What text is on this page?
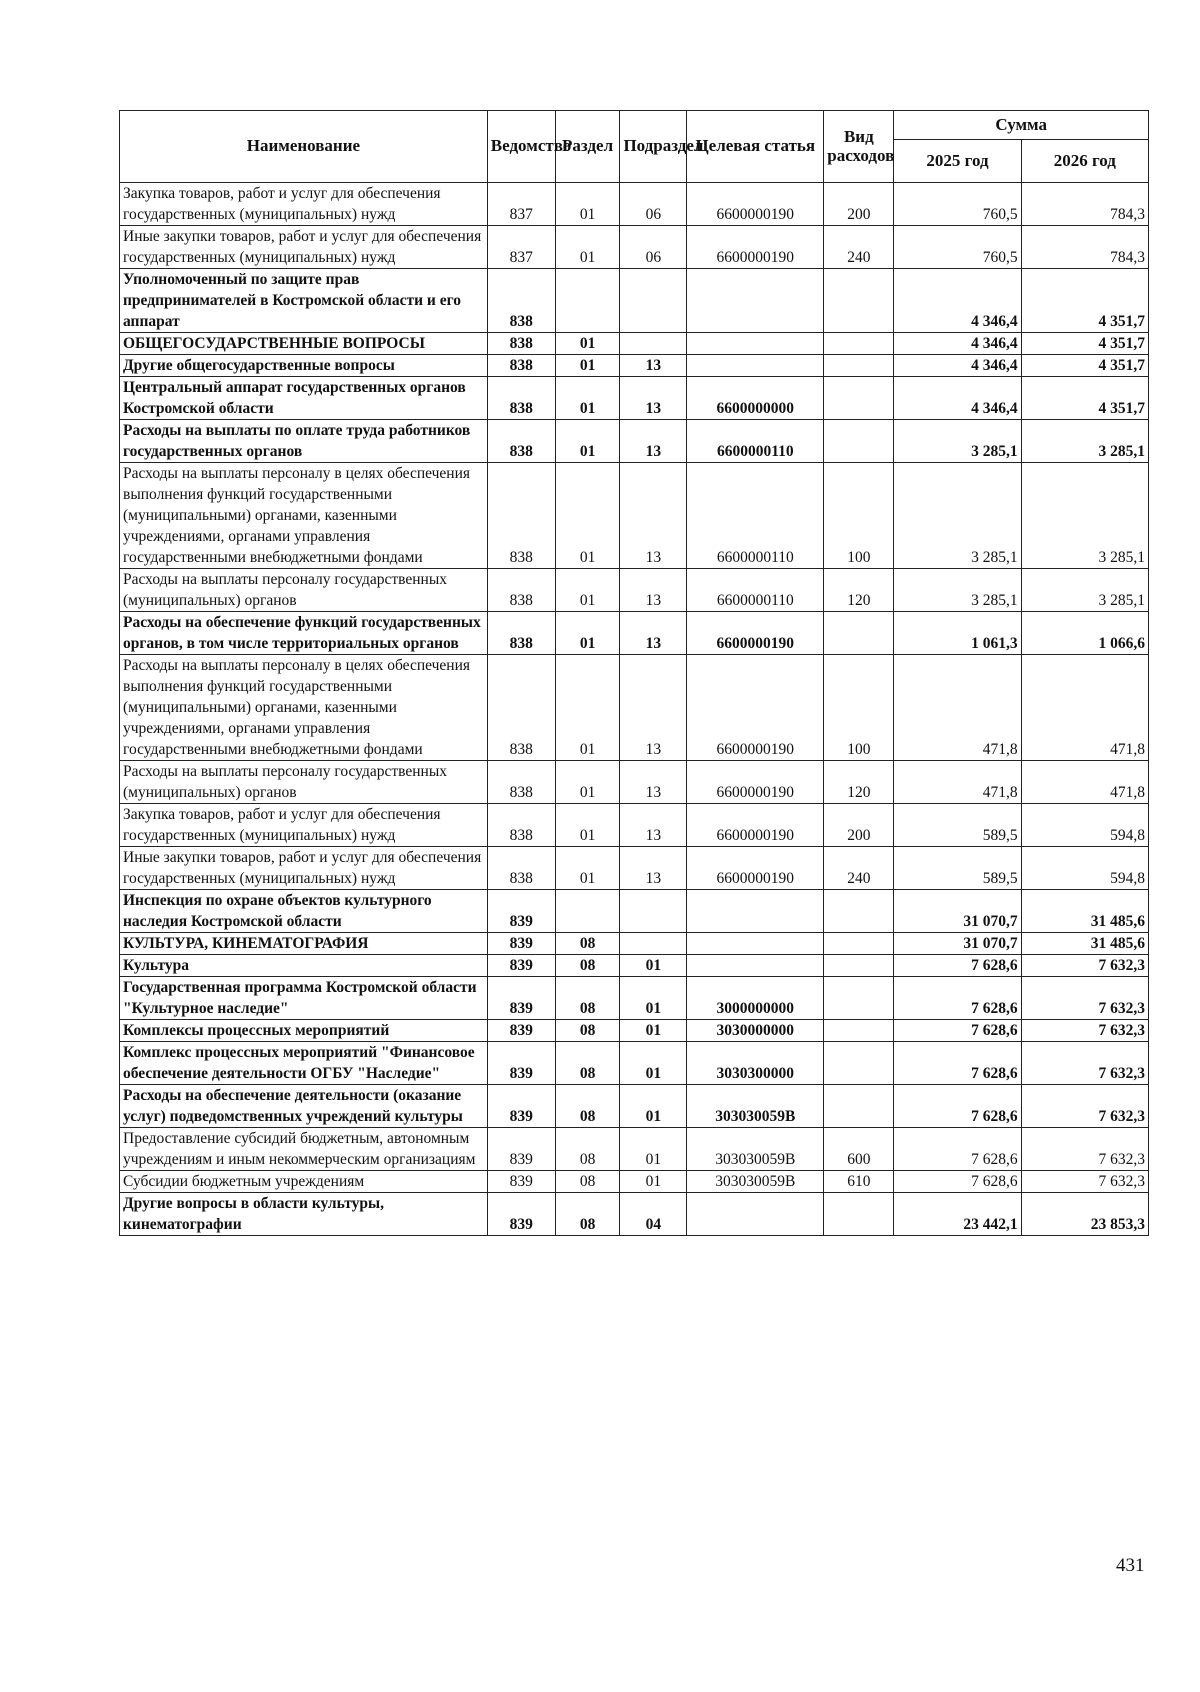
Наименование	Ведомство	Раздел	Подраздел	Целевая статья	Вид расходов	Сумма	
						2025 год	2026 год
Закупка товаров, работ и услуг для обеспечения государственных (муниципальных) нужд	837	01	06	6600000190	200	760,5	784,3
Иные закупки товаров, работ и услуг для обеспечения государственных (муниципальных) нужд	837	01	06	6600000190	240	760,5	784,3
Уполномоченный по защите прав предпринимателей в Костромской области и его аппарат	838					4 346,4	4 351,7
ОБЩЕГОСУДАРСТВЕННЫЕ ВОПРОСЫ	838	01				4 346,4	4 351,7
Другие общегосударственные вопросы	838	01	13			4 346,4	4 351,7
Центральный аппарат государственных органов Костромской области	838	01	13	6600000000		4 346,4	4 351,7
Расходы на выплаты по оплате труда работников государственных органов	838	01	13	6600000110		3 285,1	3 285,1
Расходы на выплаты персоналу в целях обеспечения выполнения функций государственными (муниципальными) органами, казенными учреждениями, органами управления государственными внебюджетными фондами	838	01	13	6600000110	100	3 285,1	3 285,1
Расходы на выплаты персоналу государственных (муниципальных) органов	838	01	13	6600000110	120	3 285,1	3 285,1
Расходы на обеспечение функций государственных органов, в том числе территориальных органов	838	01	13	6600000190		1 061,3	1 066,6
Расходы на выплаты персоналу в целях обеспечения выполнения функций государственными (муниципальными) органами, казенными учреждениями, органами управления государственными внебюджетными фондами	838	01	13	6600000190	100	471,8	471,8
Расходы на выплаты персоналу государственных (муниципальных) органов	838	01	13	6600000190	120	471,8	471,8
Закупка товаров, работ и услуг для обеспечения государственных (муниципальных) нужд	838	01	13	6600000190	200	589,5	594,8
Иные закупки товаров, работ и услуг для обеспечения государственных (муниципальных) нужд	838	01	13	6600000190	240	589,5	594,8
Инспекция по охране объектов культурного наследия Костромской области	839					31 070,7	31 485,6
КУЛЬТУРА, КИНЕМАТОГРАФИЯ	839	08				31 070,7	31 485,6
Культура	839	08	01			7 628,6	7 632,3
Государственная программа Костромской области "Культурное наследие"	839	08	01	3000000000		7 628,6	7 632,3
Комплексы процессных мероприятий	839	08	01	3030000000		7 628,6	7 632,3
Комплекс процессных мероприятий "Финансовое обеспечение деятельности ОГБУ "Наследие"	839	08	01	3030300000		7 628,6	7 632,3
Расходы на обеспечение деятельности (оказание услуг) подведомственных учреждений культуры	839	08	01	303030059В		7 628,6	7 632,3
Предоставление субсидий бюджетным, автономным учреждениям и иным некоммерческим организациям	839	08	01	303030059В	600	7 628,6	7 632,3
Субсидии бюджетным учреждениям	839	08	01	303030059В	610	7 628,6	7 632,3
Другие вопросы в области культуры, кинематографии	839	08	04			23 442,1	23 853,3
431
